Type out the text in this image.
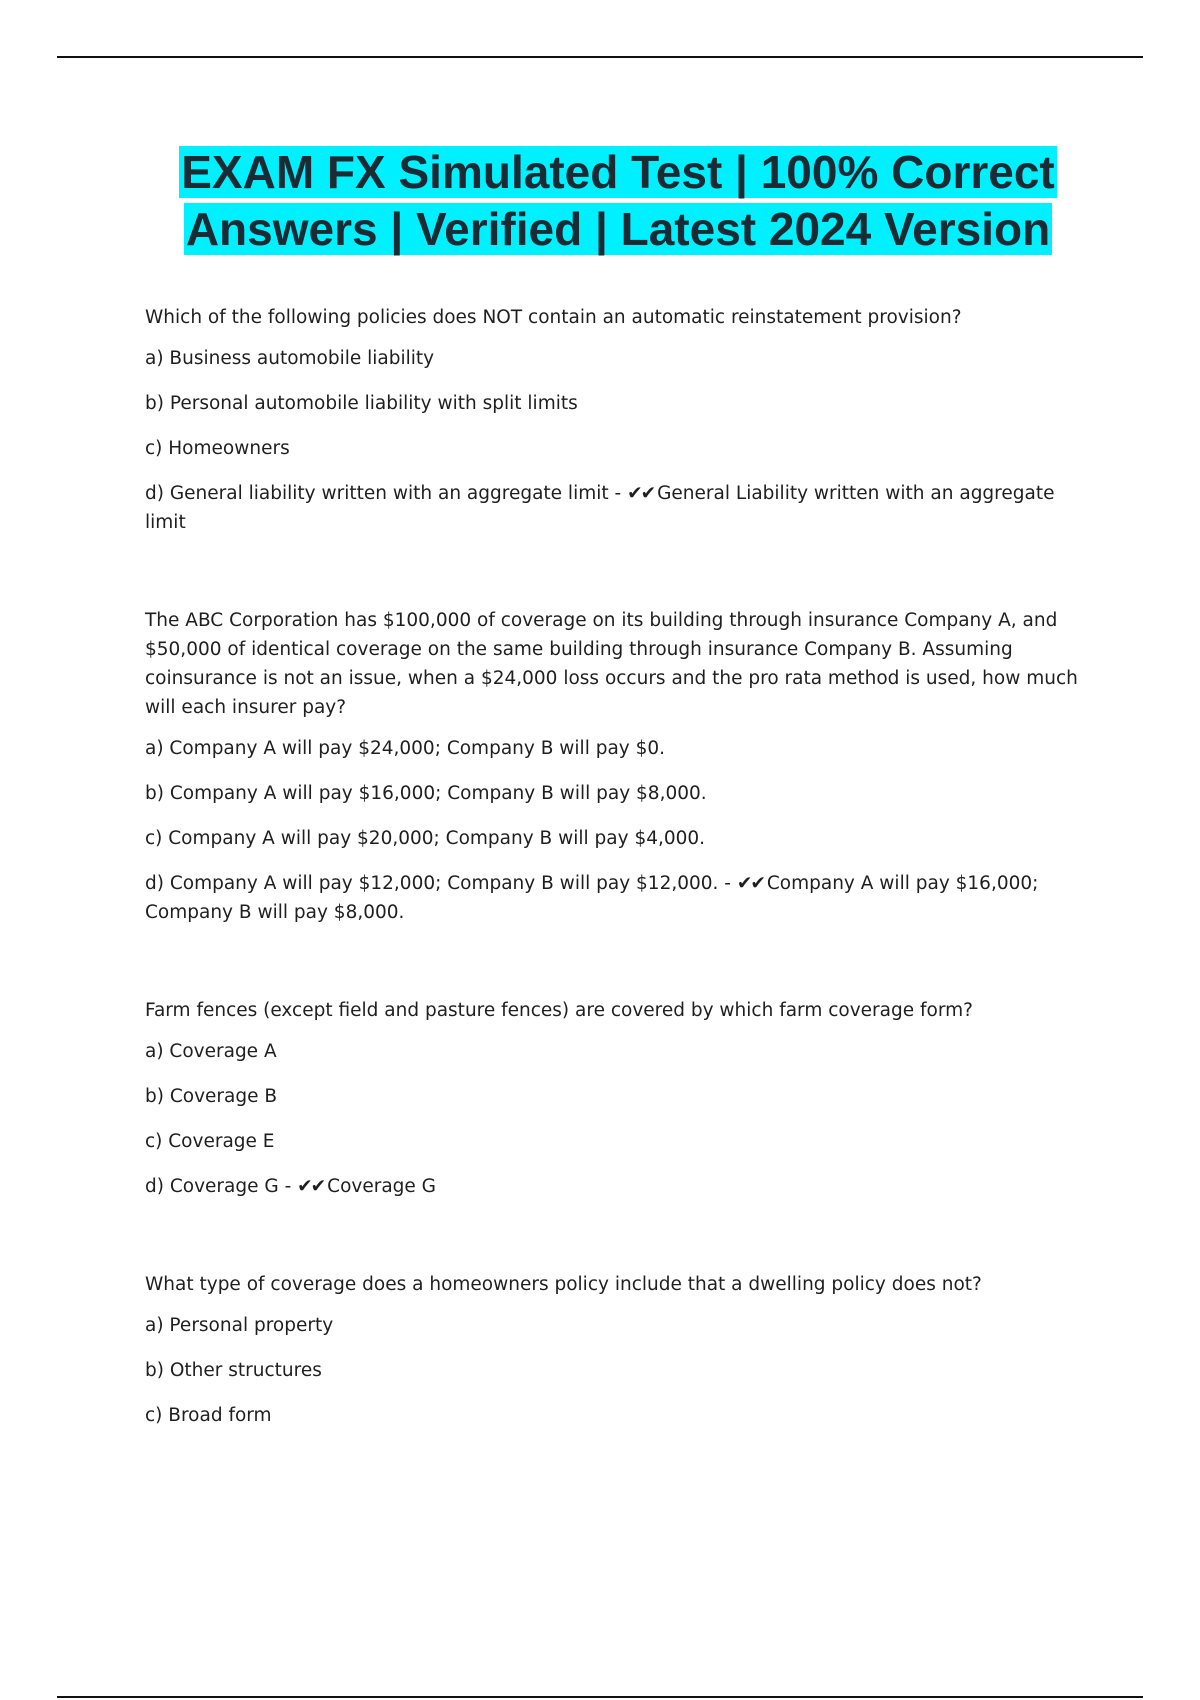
EXAM FX Simulated Test | 100% Correct Answers | Verified | Latest 2024 Version

Which of the following policies does NOT contain an automatic reinstatement provision?

a) Business automobile liability

b) Personal automobile liability with split limits

c) Homeowners

d) General liability written with an aggregate limit - ✔✔ General Liability written with an aggregate limit

The ABC Corporation has $100,000 of coverage on its building through insurance Company A, and $50,000 of identical coverage on the same building through insurance Company B. Assuming coinsurance is not an issue, when a $24,000 loss occurs and the pro rata method is used, how much will each insurer pay?

a) Company A will pay $24,000; Company B will pay $0.

b) Company A will pay $16,000; Company B will pay $8,000.

c) Company A will pay $20,000; Company B will pay $4,000.

d) Company A will pay $12,000; Company B will pay $12,000. - ✔✔ Company A will pay $16,000; Company B will pay $8,000.

Farm fences (except field and pasture fences) are covered by which farm coverage form?

a) Coverage A

b) Coverage B

c) Coverage E

d) Coverage G - ✔✔ Coverage G

What type of coverage does a homeowners policy include that a dwelling policy does not?

a) Personal property

b) Other structures

c) Broad form
